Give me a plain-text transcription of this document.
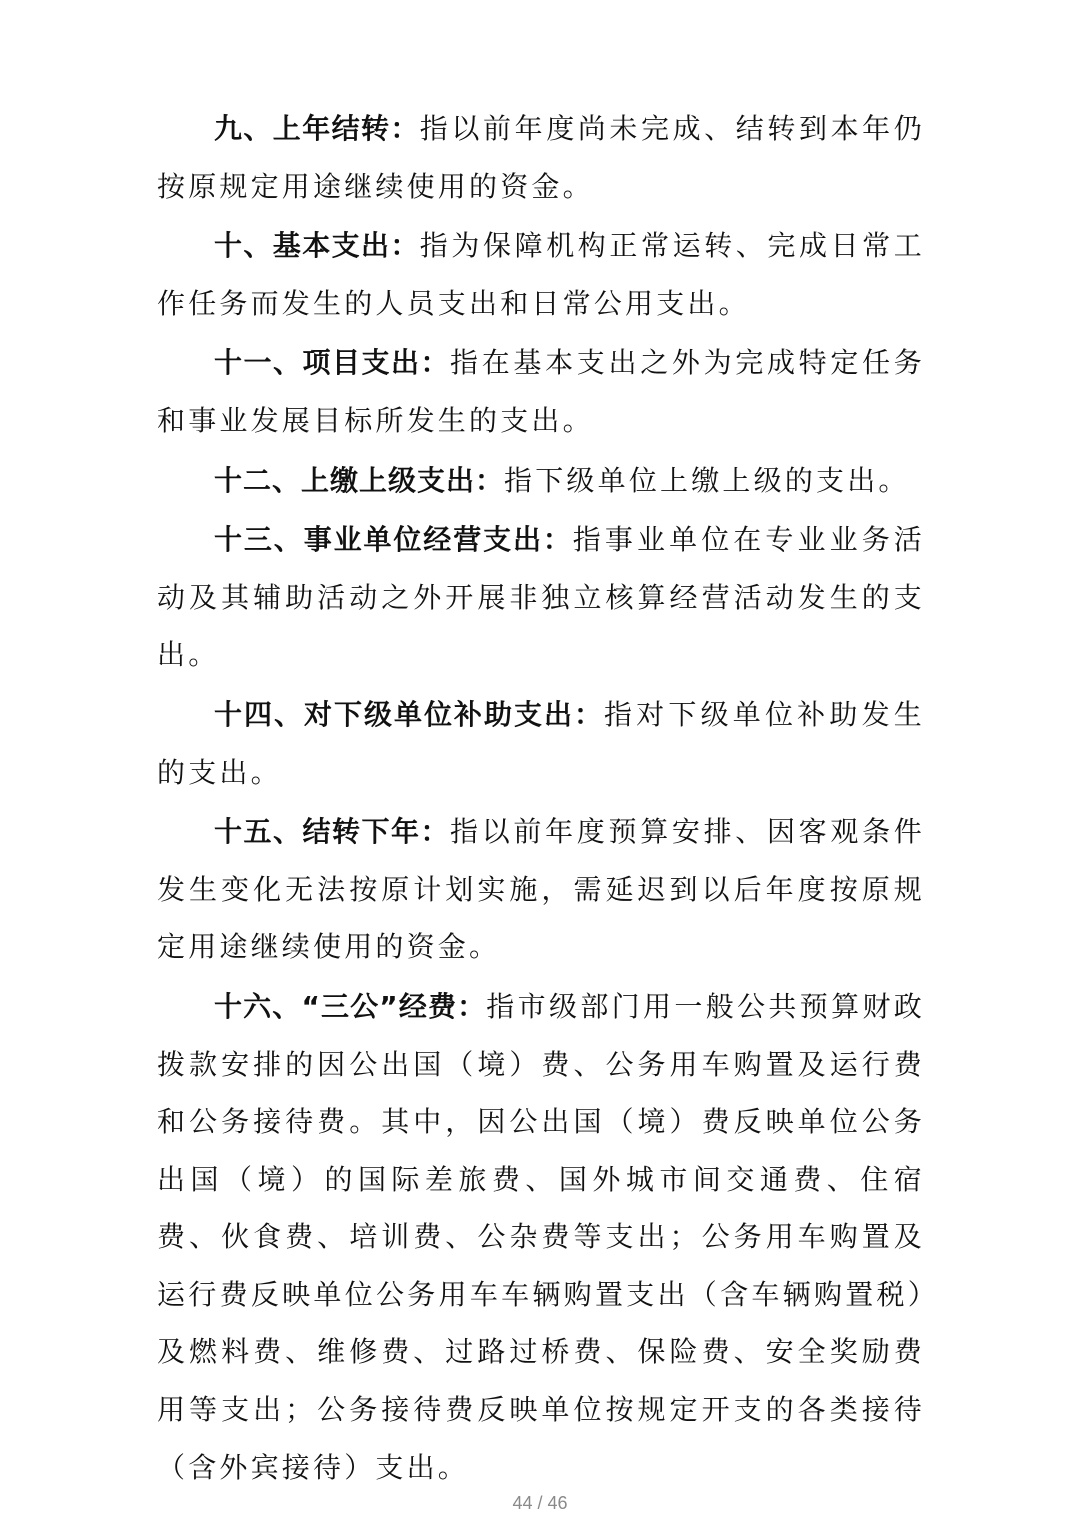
九、上年结转：指以前年度尚未完成、结转到本年仍按原规定用途继续使用的资金。

十、基本支出：指为保障机构正常运转、完成日常工作任务而发生的人员支出和日常公用支出。

十一、项目支出：指在基本支出之外为完成特定任务和事业发展目标所发生的支出。

十二、上缴上级支出：指下级单位上缴上级的支出。

十三、事业单位经营支出：指事业单位在专业业务活动及其辅助活动之外开展非独立核算经营活动发生的支出。

十四、对下级单位补助支出：指对下级单位补助发生的支出。

十五、结转下年：指以前年度预算安排、因客观条件发生变化无法按原计划实施，需延迟到以后年度按原规定用途继续使用的资金。

十六、“三公”经费：指市级部门用一般公共预算财政拨款安排的因公出国（境）费、公务用车购置及运行费和公务接待费。其中，因公出国（境）费反映单位公务出国（境）的国际差旅费、国外城市间交通费、住宿费、伙食费、培训费、公杂费等支出；公务用车购置及运行费反映单位公务用车车辆购置支出（含车辆购置税）及燃料费、维修费、过路过桥费、保险费、安全奖励费用等支出；公务接待费反映单位按规定开支的各类接待（含外宾接待）支出。

44 / 46
